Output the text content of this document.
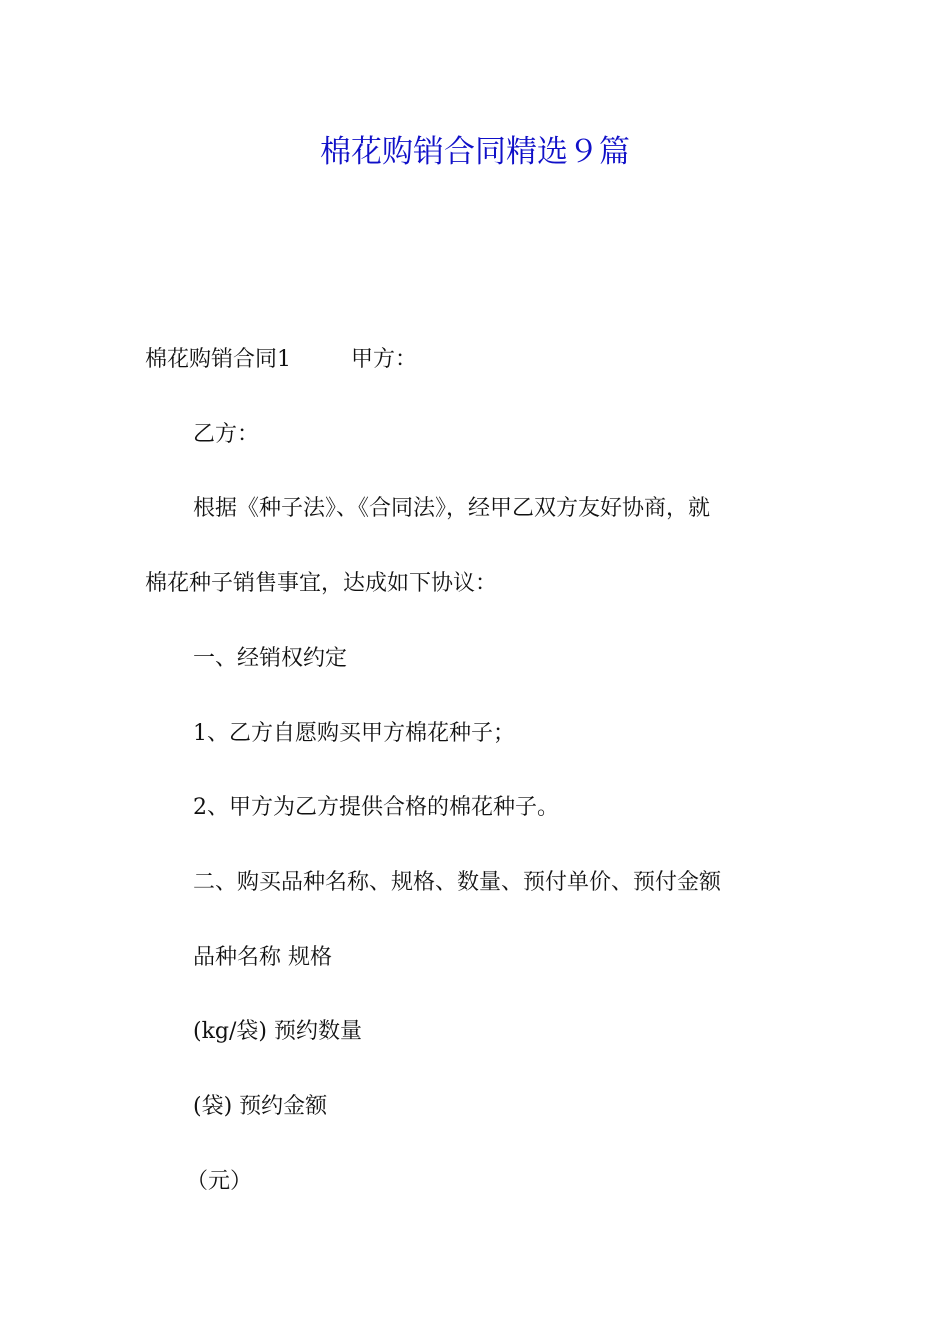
棉花购销合同精选９篇

棉花购销合同1	甲方：

乙方：

根据《种子法》、《合同法》，经甲乙双方友好协商，就

棉花种子销售事宜，达成如下协议：

一、经销权约定

1、乙方自愿购买甲方棉花种子；

2、甲方为乙方提供合格的棉花种子。

二、购买品种名称、规格、数量、预付单价、预付金额

品种名称 规格

(kg/袋) 预约数量

(袋) 预约金额

（元）
